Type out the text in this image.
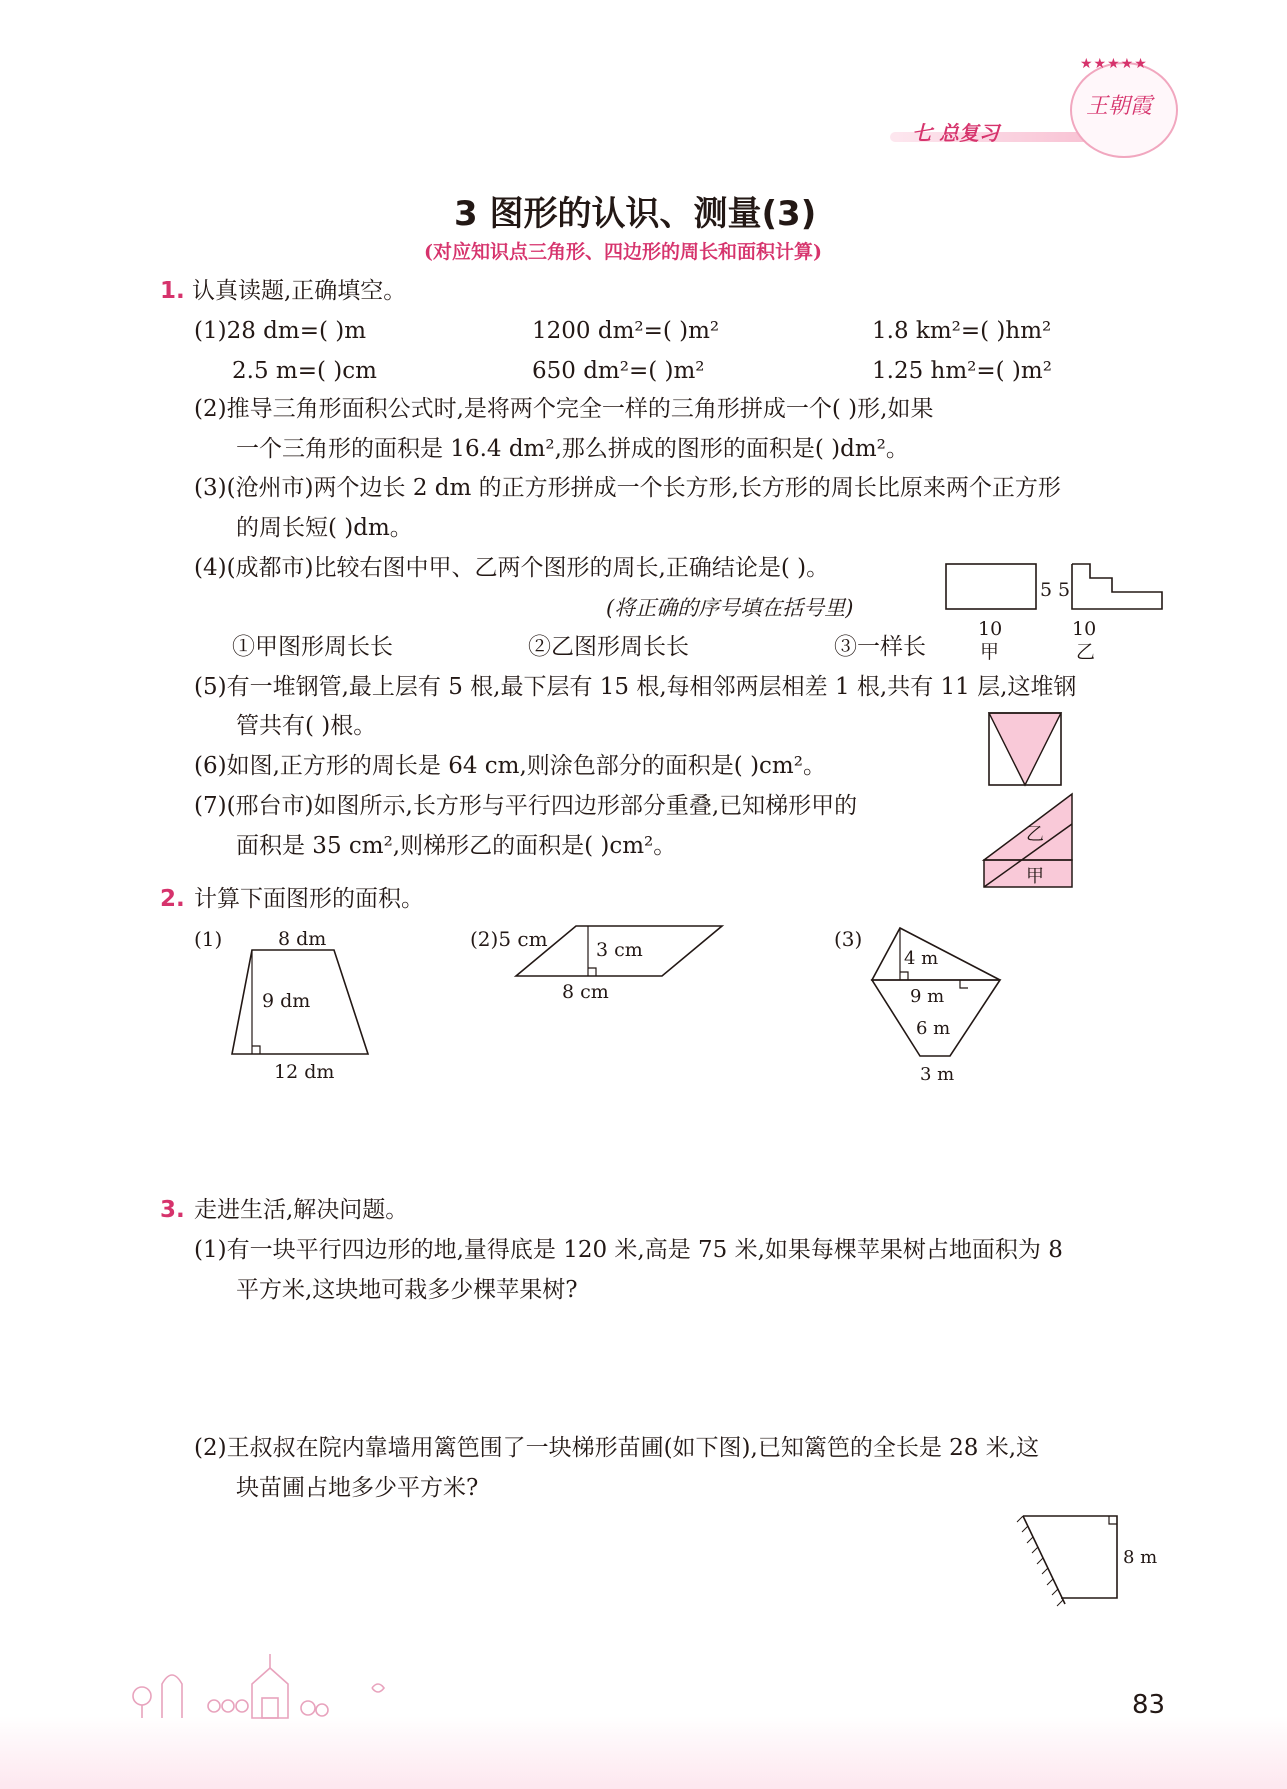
七 总复习
★★★★★
王朝霞
3 图形的认识、测量(3)
(对应知识点三角形、四边形的周长和面积计算)
1. 认真读题,正确填空。
(1)28 dm=( )m	1200 dm²=( )m²	1.8 km²=( )hm²
2.5 m=( )cm	650 dm²=( )m²	1.25 hm²=( )m²
(2)推导三角形面积公式时,是将两个完全一样的三角形拼成一个( )形,如果
一个三角形的面积是 16.4 dm²,那么拼成的图形的面积是( )dm²。
(3)(沧州市)两个边长 2 dm 的正方形拼成一个长方形,长方形的周长比原来两个正方形
的周长短( )dm。
(4)(成都市)比较右图中甲、乙两个图形的周长,正确结论是( )。
(将正确的序号填在括号里)
①甲图形周长长	②乙图形周长长	③一样长
5
10
甲
5
10
乙
(5)有一堆钢管,最上层有 5 根,最下层有 15 根,每相邻两层相差 1 根,共有 11 层,这堆钢
管共有( )根。
(6)如图,正方形的周长是 64 cm,则涂色部分的面积是( )cm²。
(7)(邢台市)如图所示,长方形与平行四边形部分重叠,已知梯形甲的
面积是 35 cm²,则梯形乙的面积是( )cm²。	乙
甲
2. 计算下面图形的面积。
(1)	8 dm
9 dm
12 dm
(2)5 cm	3 cm
8 cm
(3)
4 m
9 m
6 m
3 m
3. 走进生活,解决问题。
(1)有一块平行四边形的地,量得底是 120 米,高是 75 米,如果每棵苹果树占地面积为 8
平方米,这块地可栽多少棵苹果树?
(2)王叔叔在院内靠墙用篱笆围了一块梯形苗圃(如下图),已知篱笆的全长是 28 米,这
块苗圃占地多少平方米?
8 m
83
